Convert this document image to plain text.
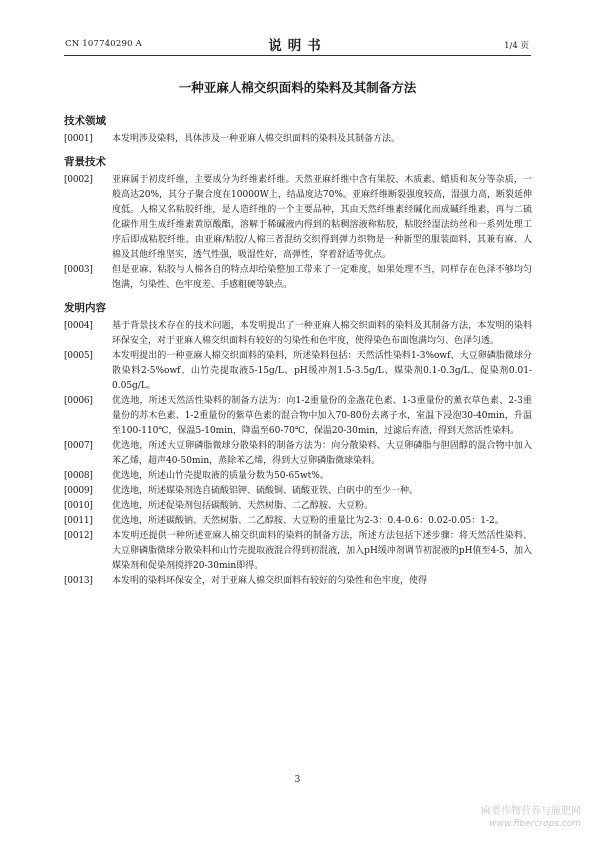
CN 107740290 A	说明书	1/4 页
一种亚麻人棉交织面料的染料及其制备方法
技术领域
[0001]	本发明涉及染料，具体涉及一种亚麻人棉交织面料的染料及其制备方法。
背景技术
[0002]	亚麻属于初皮纤维，主要成分为纤维素纤维。天然亚麻纤维中含有果胶、木质素、蜡质和灰分等杂质，一般高达20%，其分子聚合度在10000W上，结晶度达70%。亚麻纤维断裂强度较高，湿强力高，断裂延伸度低。人棉又名粘胶纤维，是人造纤维的一个主要品种，其由天然纤维素经碱化而成碱纤维素，再与二硫化碳作用生成纤维素黄原酸酯，溶解于稀碱液内得到的粘稠溶液称粘胶，粘胶经湿法纺丝和一系列处理工序后即成粘胶纤维。由亚麻/粘胶/人棉三者混纺交织得到弹力织物是一种新型的服装面料，其兼有麻、人棉及其他纤维坚实，透气性强，吸湿性好，高弹性，穿着舒适等优点。
[0003]	但是亚麻、粘胶与人棉各自的特点却给染整加工带来了一定难度，如果处理不当，同样存在色泽不够均匀饱满，匀染性、色牢度差、手感粗硬等缺点。
发明内容
[0004]	基于背景技术存在的技术问题，本发明提出了一种亚麻人棉交织面料的染料及其制备方法，本发明的染料环保安全，对于亚麻人棉交织面料有较好的匀染性和色牢度，使得染色布面饱满均匀、色泽匀透。
[0005]	本发明提出的一种亚麻人棉交织面料的染料，所述染料包括：天然活性染料1-3%owf、大豆卵磷脂微球分散染料2-5%owf、山竹壳提取液5-15g/L、pH缓冲剂1.5-3.5g/L、媒染剂0.1-0.3g/L、促染剂0.01-0.05g/L。
[0006]	优选地，所述天然活性染料的制备方法为：向1-2重量份的金盏花色素、1-3重量份的薰衣草色素、2-3重量份的苏木色素、1-2重量份的紫草色素的混合物中加入70-80份去离子水，室温下浸泡30-40min，升温至100-110℃，保温5-10min，降温至60-70℃，保温20-30min，过滤后弃渣，得到天然活性染料。
[0007]	优选地，所述大豆卵磷脂微球分散染料的制备方法为：向分散染料、大豆卵磷脂与胆固醇的混合物中加入苯乙烯，超声40-50min，蒸除苯乙烯，得到大豆卵磷脂微球染料。
[0008]	优选地，所述山竹壳提取液的质量分数为50-65wt%。
[0009]	优选地，所述媒染剂选自硫酸铝钾、硫酸铜、硫酸亚铁、白矾中的至少一种。
[0010]	优选地，所述促染剂包括碳酸钠、天然树脂、二乙醇胺、大豆粉。
[0011]	优选地，所述碳酸钠、天然树脂、二乙醇胺、大豆粉的重量比为2-3：0.4-0.6：0.02-0.05：1-2。
[0012]	本发明还提供一种所述亚麻人棉交织面料的染料的制备方法，所述方法包括下述步骤：将天然活性染料、大豆卵磷脂微球分散染料和山竹壳提取液混合得到初混液，加入pH缓冲剂调节初混液的pH值至4-5，加入媒染剂和促染剂搅拌20-30min即得。
[0013]	本发明的染料环保安全，对于亚麻人棉交织面料有较好的匀染性和色牢度，使得
3
麻类作物营养与施肥网
www.fibercrops.com
